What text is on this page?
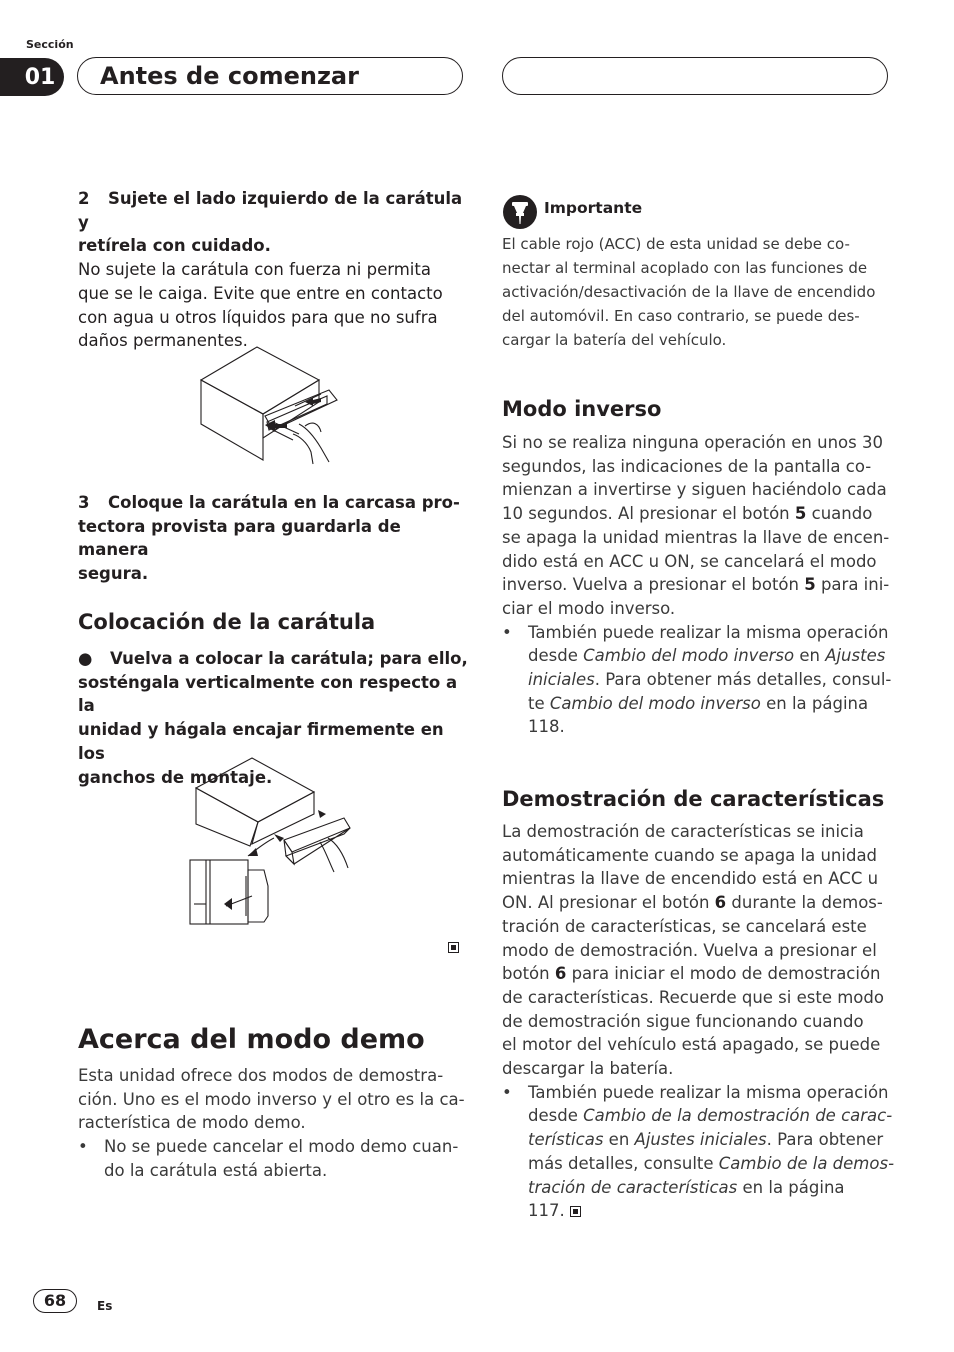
Sección
01	Antes de comenzar
2 Sujete el lado izquierdo de la carátula y
retírela con cuidado.
No sujete la carátula con fuerza ni permita
que se le caiga. Evite que entre en contacto
con agua u otros líquidos para que no sufra
daños permanentes.
3 Coloque la carátula en la carcasa pro-
tectora provista para guardarla de manera
segura.
Colocación de la carátula
● Vuelva a colocar la carátula; para ello,
sosténgala verticalmente con respecto a la
unidad y hágala encajar firmemente en los
ganchos de montaje.
Acerca del modo demo
Esta unidad ofrece dos modos de demostra-
ción. Uno es el modo inverso y el otro es la ca-
racterística de modo demo.
• No se puede cancelar el modo demo cuan-
do la carátula está abierta.
Importante
El cable rojo (ACC) de esta unidad se debe co-
nectar al terminal acoplado con las funciones de
activación/desactivación de la llave de encendido
del automóvil. En caso contrario, se puede des-
cargar la batería del vehículo.
Modo inverso
Si no se realiza ninguna operación en unos 30
segundos, las indicaciones de la pantalla co-
mienzan a invertirse y siguen haciéndolo cada
10 segundos. Al presionar el botón 5 cuando
se apaga la unidad mientras la llave de encen-
dido está en ACC u ON, se cancelará el modo
inverso. Vuelva a presionar el botón 5 para ini-
ciar el modo inverso.
• También puede realizar la misma operación
desde Cambio del modo inverso en Ajustes
iniciales. Para obtener más detalles, consul-
te Cambio del modo inverso en la página
118.
Demostración de características
La demostración de características se inicia
automáticamente cuando se apaga la unidad
mientras la llave de encendido está en ACC u
ON. Al presionar el botón 6 durante la demos-
tración de características, se cancelará este
modo de demostración. Vuelva a presionar el
botón 6 para iniciar el modo de demostración
de características. Recuerde que si este modo
de demostración sigue funcionando cuando
el motor del vehículo está apagado, se puede
descargar la batería.
• También puede realizar la misma operación
desde Cambio de la demostración de carac-
terísticas en Ajustes iniciales. Para obtener
más detalles, consulte Cambio de la demos-
tración de características en la página
117.
68	Es
